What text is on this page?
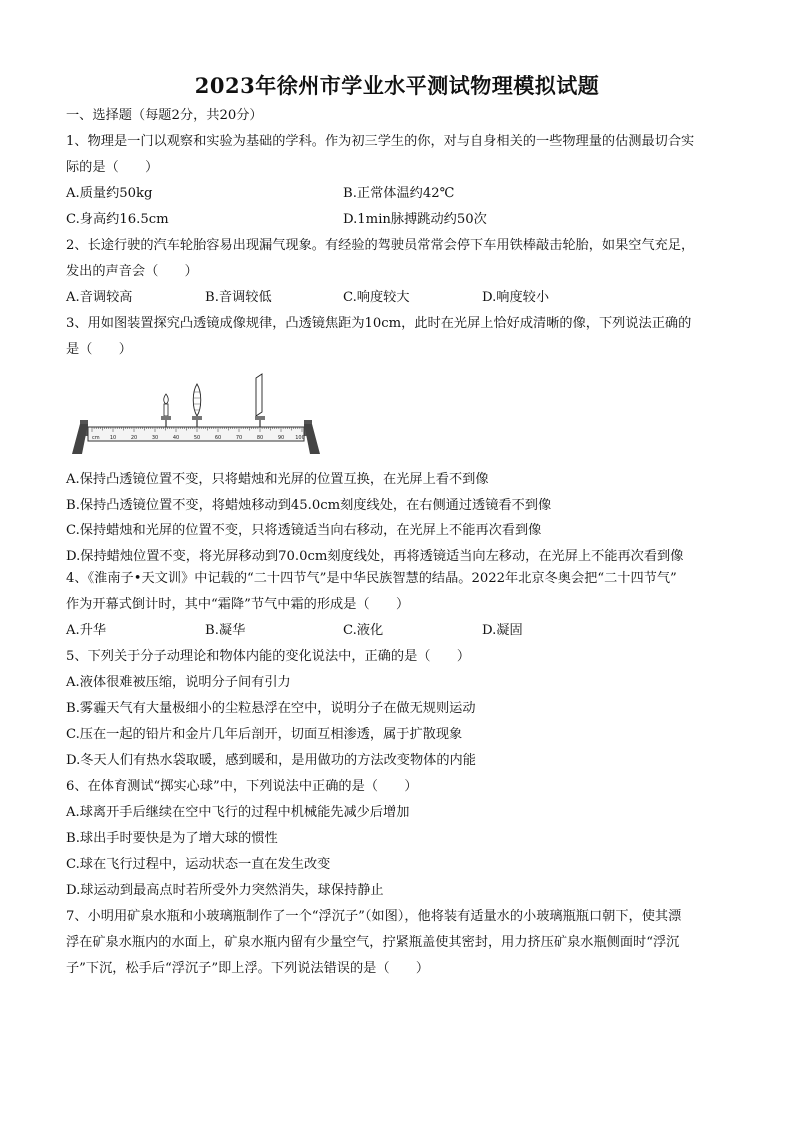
2023年徐州市学业水平测试物理模拟试题
一、选择题（每题2分，共20分）
1、物理是一门以观察和实验为基础的学科。作为初三学生的你，对与自身相关的一些物理量的估测最切合实
际的是（　　）
A.质量约50kg	B.正常体温约42℃
C.身高约16.5cm	D.1min脉搏跳动约50次
2、长途行驶的汽车轮胎容易出现漏气现象。有经验的驾驶员常常会停下车用铁棒敲击轮胎，如果空气充足，
发出的声音会（　　）
A.音调较高	B.音调较低	C.响度较大	D.响度较小
3、用如图装置探究凸透镜成像规律，凸透镜焦距为10cm，此时在光屏上恰好成清晰的像，下列说法正确的
是（　　）
cm 10	20	30	40	50	60	70	80	90 100
A.保持凸透镜位置不变，只将蜡烛和光屏的位置互换，在光屏上看不到像
B.保持凸透镜位置不变，将蜡烛移动到45.0cm刻度线处，在右侧通过透镜看不到像
C.保持蜡烛和光屏的位置不变，只将透镜适当向右移动，在光屏上不能再次看到像
D.保持蜡烛位置不变，将光屏移动到70.0cm刻度线处，再将透镜适当向左移动，在光屏上不能再次看到像
4、《淮南子•天文训》中记载的“二十四节气”是中华民族智慧的结晶。2022年北京冬奥会把“二十四节气”
作为开幕式倒计时，其中“霜降”节气中霜的形成是（　　）
A.升华	B.凝华	C.液化	D.凝固
5、下列关于分子动理论和物体内能的变化说法中，正确的是（　　）
A.液体很难被压缩，说明分子间有引力
B.雾霾天气有大量极细小的尘粒悬浮在空中，说明分子在做无规则运动
C.压在一起的铅片和金片几年后剖开，切面互相渗透，属于扩散现象
D.冬天人们有热水袋取暖，感到暖和，是用做功的方法改变物体的内能
6、在体育测试“掷实心球”中，下列说法中正确的是（　　）
A.球离开手后继续在空中飞行的过程中机械能先减少后增加
B.球出手时要快是为了增大球的惯性
C.球在飞行过程中，运动状态一直在发生改变
D.球运动到最高点时若所受外力突然消失，球保持静止
7、小明用矿泉水瓶和小玻璃瓶制作了一个“浮沉子”（如图），他将装有适量水的小玻璃瓶瓶口朝下，使其漂
浮在矿泉水瓶内的水面上，矿泉水瓶内留有少量空气，拧紧瓶盖使其密封，用力挤压矿泉水瓶侧面时“浮沉
子”下沉，松手后“浮沉子”即上浮。下列说法错误的是（　　）
